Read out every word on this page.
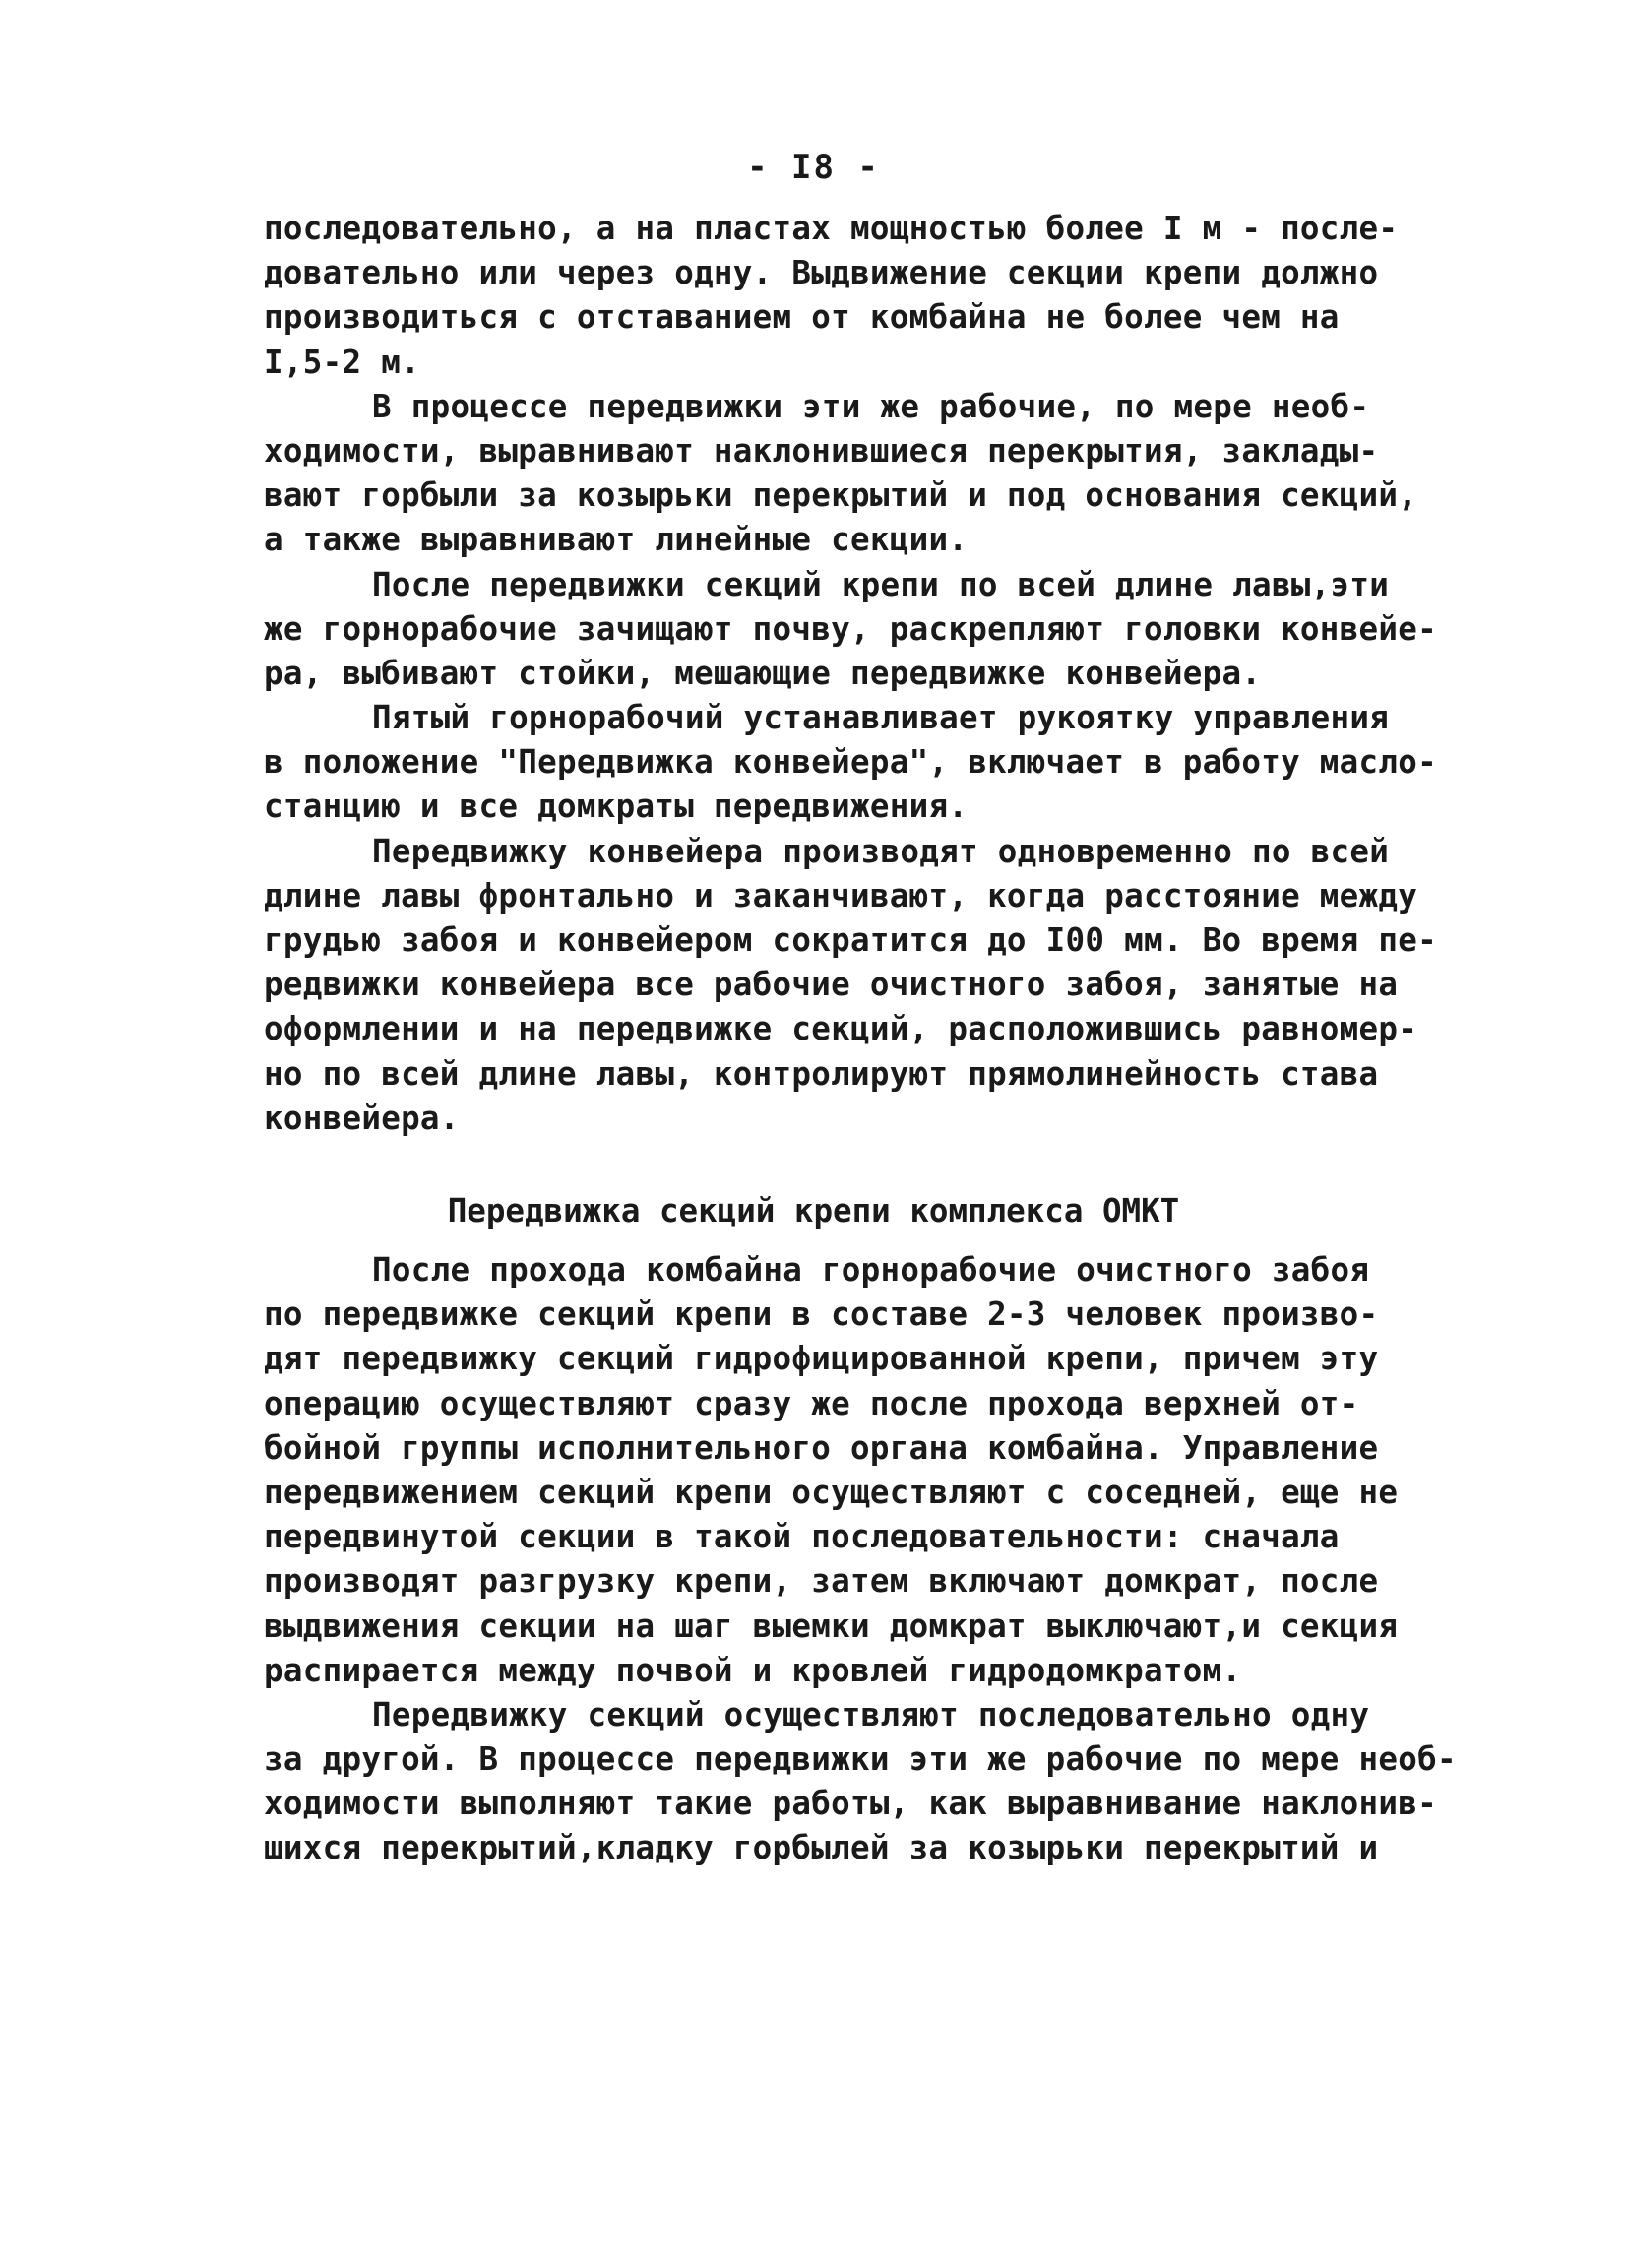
- I8 -
последовательно, а на пластах мощностью более I м - после-
довательно или через одну. Выдвижение секции крепи должно
производиться с отставанием от комбайна не более чем на
I,5-2 м.
В процессе передвижки эти же рабочие, по мере необ-
ходимости, выравнивают наклонившиеся перекрытия, заклады-
вают горбыли за козырьки перекрытий и под основания секций,
а также выравнивают линейные секции.
После передвижки секций крепи по всей длине лавы,эти
же горнорабочие зачищают почву, раскрепляют головки конвейе-
ра, выбивают стойки, мешающие передвижке конвейера.
Пятый горнорабочий устанавливает рукоятку управления
в положение "Передвижка конвейера", включает в работу масло-
станцию и все домкраты передвижения.
Передвижку конвейера производят одновременно по всей
длине лавы фронтально и заканчивают, когда расстояние между
грудью забоя и конвейером сократится до I00 мм. Во время пе-
редвижки конвейера все рабочие очистного забоя, занятые на
оформлении и на передвижке секций, расположившись равномер-
но по всей длине лавы, контролируют прямолинейность става
конвейера.
Передвижка секций крепи комплекса ОМКТ
После прохода комбайна горнорабочие очистного забоя
по передвижке секций крепи в составе 2-3 человек произво-
дят передвижку секций гидрофицированной крепи, причем эту
операцию осуществляют сразу же после прохода верхней от-
бойной группы исполнительного органа комбайна. Управление
передвижением секций крепи осуществляют с соседней, еще не
передвинутой секции в такой последовательности: сначала
производят разгрузку крепи, затем включают домкрат, после
выдвижения секции на шаг выемки домкрат выключают,и секция
распирается между почвой и кровлей гидродомкратом.
Передвижку секций осуществляют последовательно одну
за другой. В процессе передвижки эти же рабочие по мере необ-
ходимости выполняют такие работы, как выравнивание наклонив-
шихся перекрытий,кладку горбылей за козырьки перекрытий и
